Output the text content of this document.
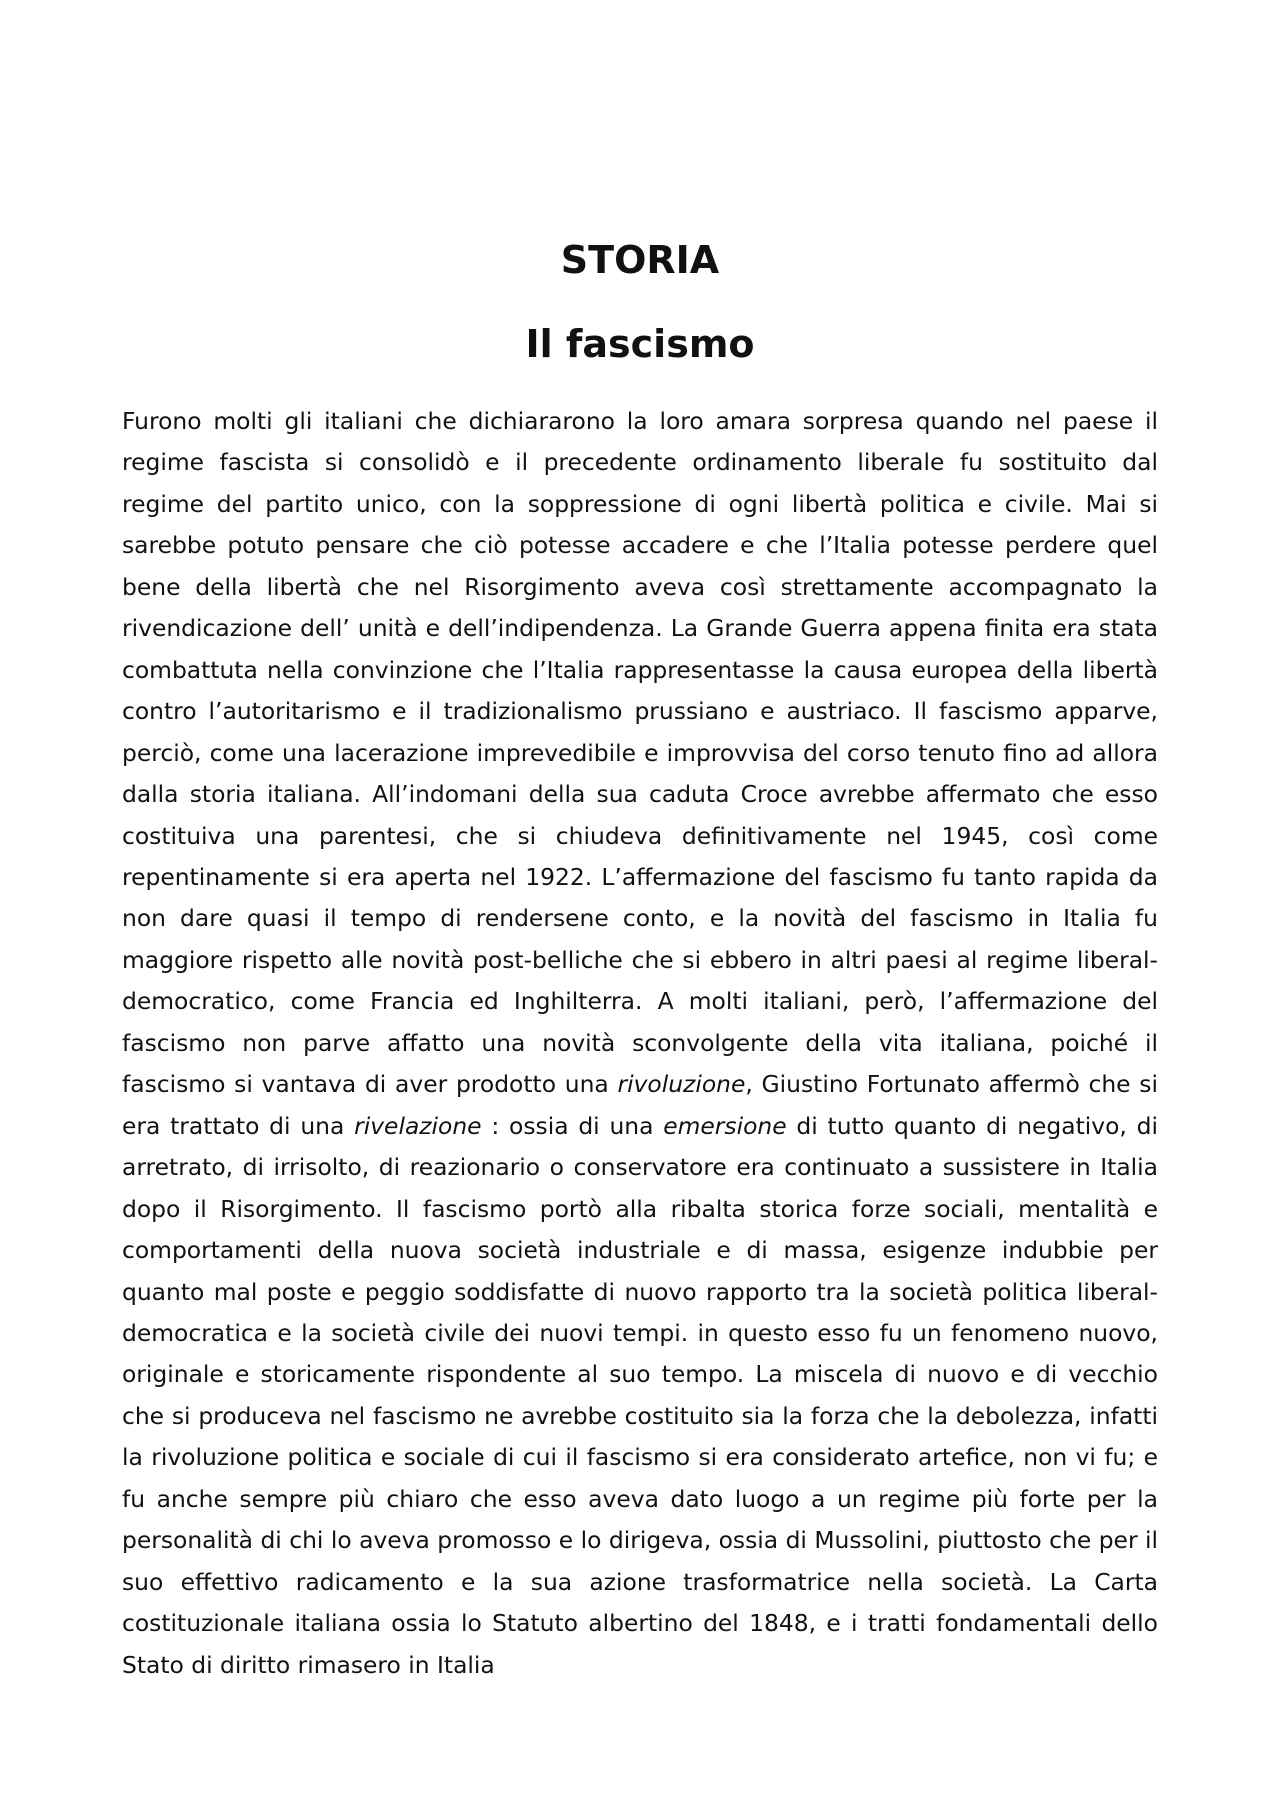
STORIA
Il fascismo

Furono molti gli italiani che dichiararono la loro amara sorpresa quando nel paese il regime fascista si consolidò e il precedente ordinamento liberale fu sostituito dal regime del partito unico, con la soppressione di ogni libertà politica e civile. Mai si sarebbe potuto pensare che ciò potesse accadere e che l’Italia potesse perdere quel bene della libertà che nel Risorgimento aveva così strettamente accompagnato la rivendicazione dell’ unità e dell’indipendenza. La Grande Guerra appena finita era stata combattuta nella convinzione che l’Italia rappresentasse la causa europea della libertà contro l’autoritarismo e il tradizionalismo prussiano e austriaco. Il fascismo apparve, perciò, come una lacerazione imprevedibile e improvvisa del corso tenuto fino ad allora dalla storia italiana. All’indomani della sua caduta Croce avrebbe affermato che esso costituiva una parentesi, che si chiudeva definitivamente nel 1945, così come repentinamente si era aperta nel 1922. L’affermazione del fascismo fu tanto rapida da non dare quasi il tempo di rendersene conto, e la novità del fascismo in Italia fu maggiore rispetto alle novità post-belliche che si ebbero in altri paesi al regime liberal-democratico, come Francia ed Inghilterra. A molti italiani, però, l’affermazione del fascismo non parve affatto una novità sconvolgente della vita italiana, poiché il fascismo si vantava di aver prodotto una rivoluzione, Giustino Fortunato affermò che si era trattato di una rivelazione : ossia di una emersione di tutto quanto di negativo, di arretrato, di irrisolto, di reazionario o conservatore era continuato a sussistere in Italia dopo il Risorgimento. Il fascismo portò alla ribalta storica forze sociali, mentalità e comportamenti della nuova società industriale e di massa, esigenze indubbie per quanto mal poste e peggio soddisfatte di nuovo rapporto tra la società politica liberal-democratica e la società civile dei nuovi tempi. in questo esso fu un fenomeno nuovo, originale e storicamente rispondente al suo tempo. La miscela di nuovo e di vecchio che si produceva nel fascismo ne avrebbe costituito sia la forza che la debolezza, infatti la rivoluzione politica e sociale di cui il fascismo si era considerato artefice, non vi fu; e fu anche sempre più chiaro che esso aveva dato luogo a un regime più forte per la personalità di chi lo aveva promosso e lo dirigeva, ossia di Mussolini, piuttosto che per il suo effettivo radicamento e la sua azione trasformatrice nella società. La Carta costituzionale italiana ossia lo Statuto albertino del 1848, e i tratti fondamentali dello Stato di diritto rimasero in Italia
